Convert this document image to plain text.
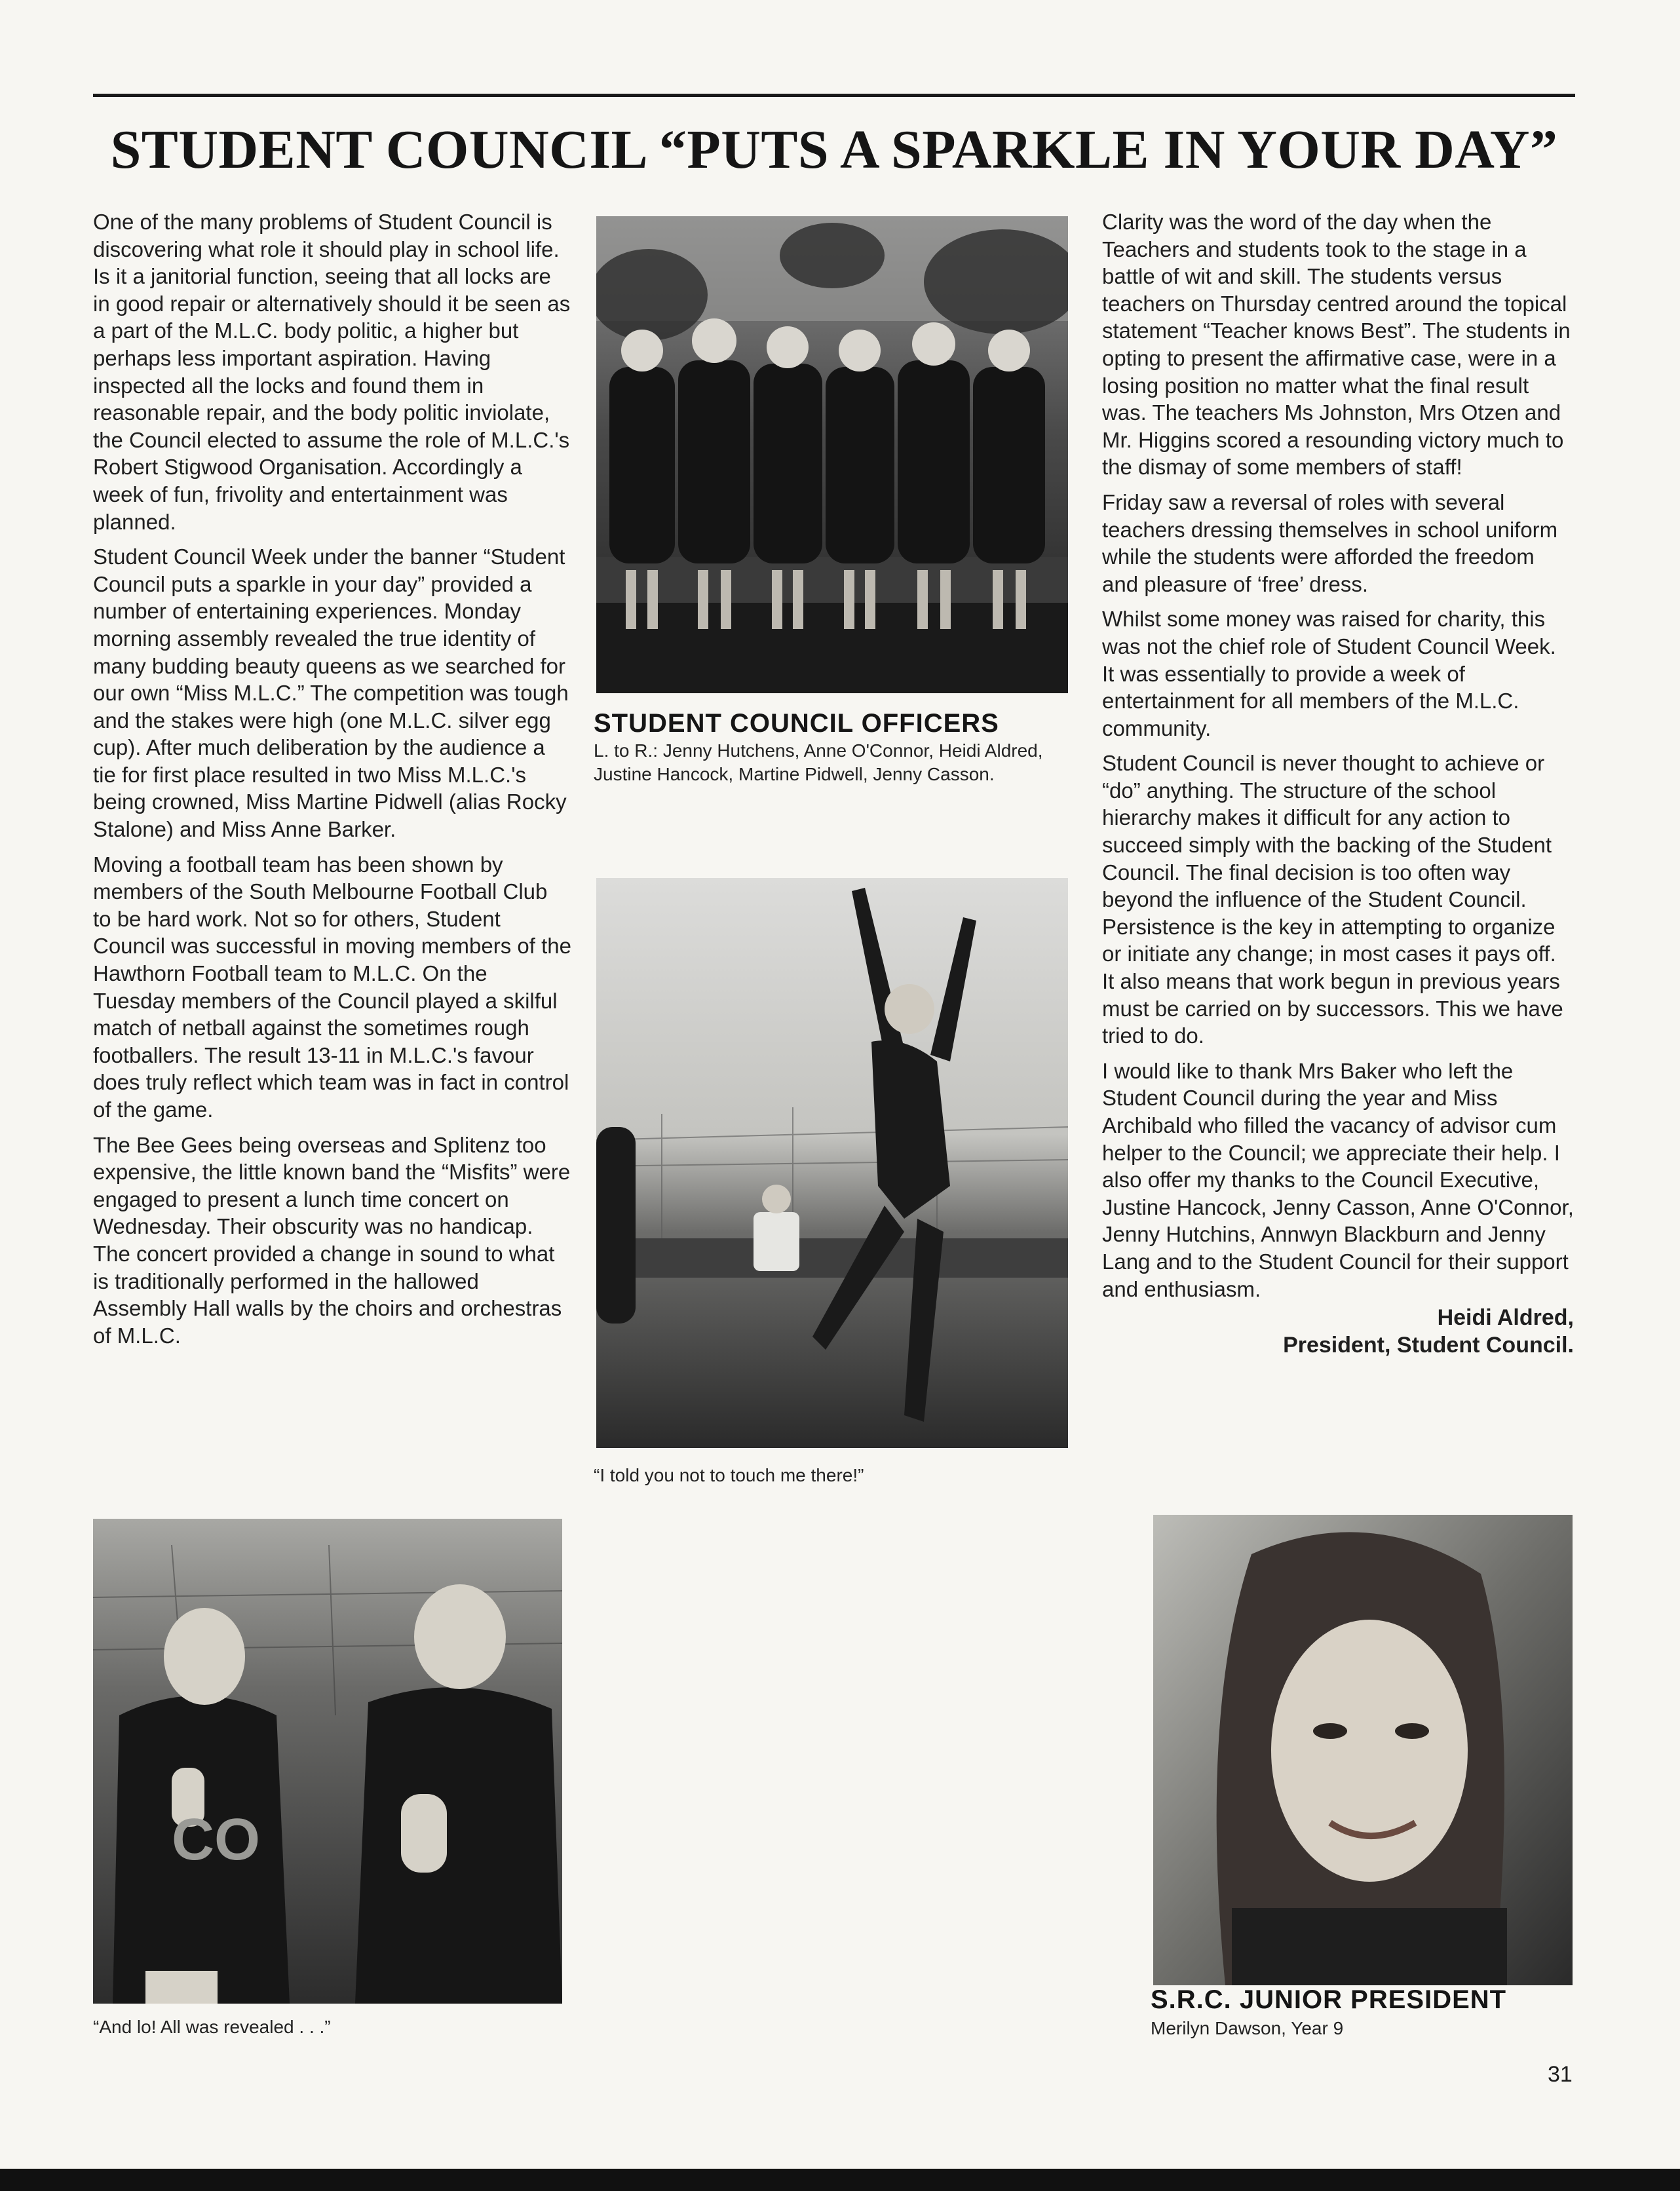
STUDENT COUNCIL “PUTS A SPARKLE IN YOUR DAY”

One of the many problems of Student Council is discovering what role it should play in school life. Is it a janitorial function, seeing that all locks are in good repair or alternatively should it be seen as a part of the M.L.C. body politic, a higher but perhaps less important aspiration. Having inspected all the locks and found them in reasonable repair, and the body politic inviolate, the Council elected to assume the role of M.L.C.'s Robert Stigwood Organisation. Accordingly a week of fun, frivolity and entertainment was planned.

Student Council Week under the banner “Student Council puts a sparkle in your day” provided a number of entertaining experiences. Monday morning assembly revealed the true identity of many budding beauty queens as we searched for our own “Miss M.L.C.” The competition was tough and the stakes were high (one M.L.C. silver egg cup). After much deliberation by the audience a tie for first place resulted in two Miss M.L.C.'s being crowned, Miss Martine Pidwell (alias Rocky Stalone) and Miss Anne Barker.

Moving a football team has been shown by members of the South Melbourne Football Club to be hard work. Not so for others, Student Council was successful in moving members of the Hawthorn Football team to M.L.C. On the Tuesday members of the Council played a skilful match of netball against the sometimes rough footballers. The result 13-11 in M.L.C.'s favour does truly reflect which team was in fact in control of the game.

The Bee Gees being overseas and Splitenz too expensive, the little known band the “Misfits” were engaged to present a lunch time concert on Wednesday. Their obscurity was no handicap. The concert provided a change in sound to what is traditionally performed in the hallowed Assembly Hall walls by the choirs and orchestras of M.L.C.

STUDENT COUNCIL OFFICERS
L. to R.: Jenny Hutchens, Anne O'Connor, Heidi Aldred, Justine Hancock, Martine Pidwell, Jenny Casson.
“I told you not to touch me there!”

Clarity was the word of the day when the Teachers and students took to the stage in a battle of wit and skill. The students versus teachers on Thursday centred around the topical statement “Teacher knows Best”. The students in opting to present the affirmative case, were in a losing position no matter what the final result was. The teachers Ms Johnston, Mrs Otzen and Mr. Higgins scored a resounding victory much to the dismay of some members of staff!

Friday saw a reversal of roles with several teachers dressing themselves in school uniform while the students were afforded the freedom and pleasure of ‘free’ dress.

Whilst some money was raised for charity, this was not the chief role of Student Council Week. It was essentially to provide a week of entertainment for all members of the M.L.C. community.

Student Council is never thought to achieve or “do” anything. The structure of the school hierarchy makes it difficult for any action to succeed simply with the backing of the Student Council. The final decision is too often way beyond the influence of the Student Council. Persistence is the key in attempting to organize or initiate any change; in most cases it pays off. It also means that work begun in previous years must be carried on by successors. This we have tried to do.

I would like to thank Mrs Baker who left the Student Council during the year and Miss Archibald who filled the vacancy of advisor cum helper to the Council; we appreciate their help. I also offer my thanks to the Council Executive, Justine Hancock, Jenny Casson, Anne O'Connor, Jenny Hutchins, Annwyn Blackburn and Jenny Lang and to the Student Council for their support and enthusiasm.

Heidi Aldred,
President, Student Council.
CO
“And lo! All was revealed . . .”
S.R.C. JUNIOR PRESIDENT
Merilyn Dawson, Year 9
31
